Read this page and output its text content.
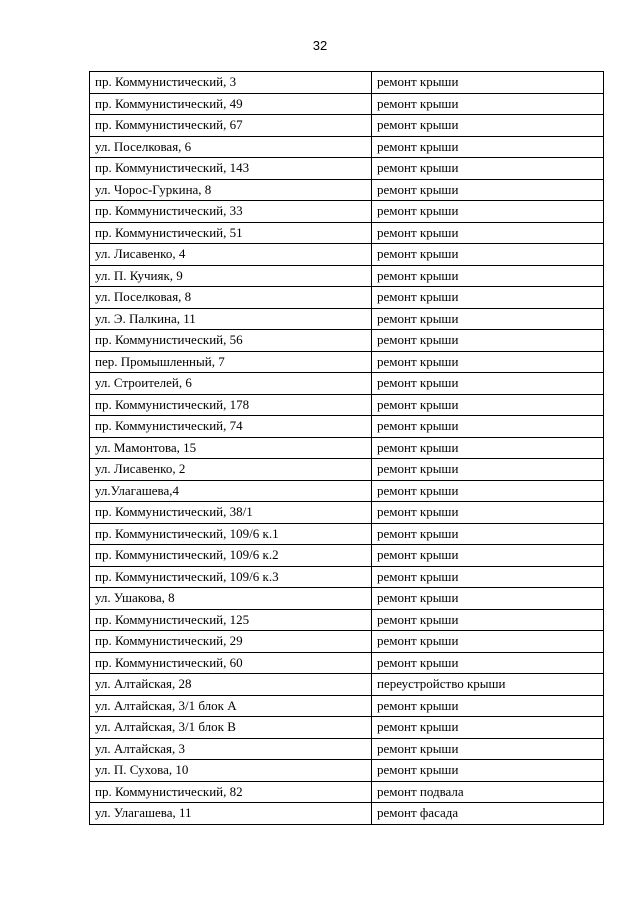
32
пр. Коммунистический, 3	ремонт крыши
пр. Коммунистический, 49	ремонт крыши
пр. Коммунистический, 67	ремонт крыши
ул. Поселковая, 6	ремонт крыши
пр. Коммунистический, 143	ремонт крыши
ул. Чорос-Гуркина, 8	ремонт крыши
пр. Коммунистический, 33	ремонт крыши
пр. Коммунистический, 51	ремонт крыши
ул. Лисавенко, 4	ремонт крыши
ул. П. Кучияк, 9	ремонт крыши
ул. Поселковая, 8	ремонт крыши
ул. Э. Палкина, 11	ремонт крыши
пр. Коммунистический, 56	ремонт крыши
пер. Промышленный, 7	ремонт крыши
ул. Строителей, 6	ремонт крыши
пр. Коммунистический, 178	ремонт крыши
пр. Коммунистический, 74	ремонт крыши
ул. Мамонтова, 15	ремонт крыши
ул. Лисавенко, 2	ремонт крыши
ул.Улагашева,4	ремонт крыши
пр. Коммунистический, 38/1	ремонт крыши
пр. Коммунистический, 109/6 к.1	ремонт крыши
пр. Коммунистический, 109/6 к.2	ремонт крыши
пр. Коммунистический, 109/6 к.3	ремонт крыши
ул. Ушакова, 8	ремонт крыши
пр. Коммунистический, 125	ремонт крыши
пр. Коммунистический, 29	ремонт крыши
пр. Коммунистический, 60	ремонт крыши
ул. Алтайская, 28	переустройство крыши
ул. Алтайская, 3/1 блок А	ремонт крыши
ул. Алтайская, 3/1 блок В	ремонт крыши
ул. Алтайская, 3	ремонт крыши
ул. П. Сухова, 10	ремонт крыши
пр. Коммунистический, 82	ремонт подвала
ул. Улагашева, 11	ремонт фасада
